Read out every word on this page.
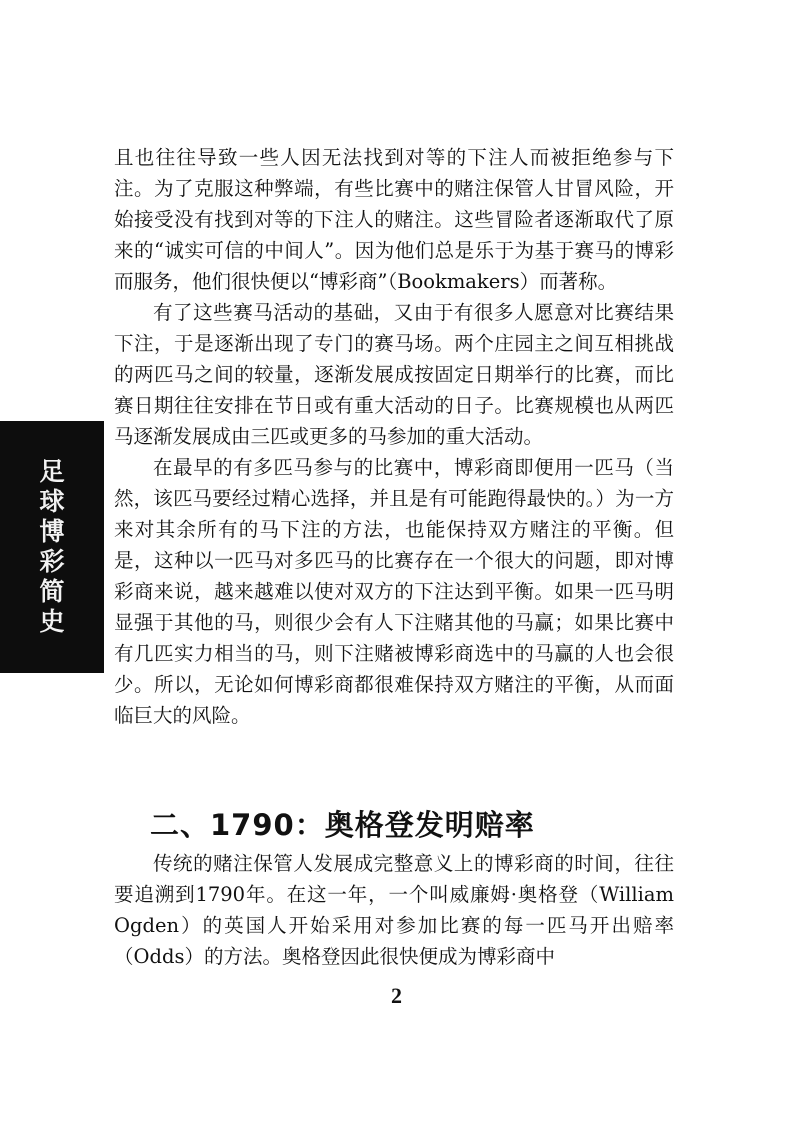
足
球
博
彩
简
史

且也往往导致一些人因无法找到对等的下注人而被拒绝参与下注。为了克服这种弊端，有些比赛中的赌注保管人甘冒风险，开始接受没有找到对等的下注人的赌注。这些冒险者逐渐取代了原来的“诚实可信的中间人”。因为他们总是乐于为基于赛马的博彩而服务，他们很快便以“博彩商”（Bookmakers）而著称。

有了这些赛马活动的基础，又由于有很多人愿意对比赛结果下注，于是逐渐出现了专门的赛马场。两个庄园主之间互相挑战的两匹马之间的较量，逐渐发展成按固定日期举行的比赛，而比赛日期往往安排在节日或有重大活动的日子。比赛规模也从两匹马逐渐发展成由三匹或更多的马参加的重大活动。

在最早的有多匹马参与的比赛中，博彩商即便用一匹马（当然，该匹马要经过精心选择，并且是有可能跑得最快的。）为一方来对其余所有的马下注的方法，也能保持双方赌注的平衡。但是，这种以一匹马对多匹马的比赛存在一个很大的问题，即对博彩商来说，越来越难以使对双方的下注达到平衡。如果一匹马明显强于其他的马，则很少会有人下注赌其他的马赢；如果比赛中有几匹实力相当的马，则下注赌被博彩商选中的马赢的人也会很少。所以，无论如何博彩商都很难保持双方赌注的平衡，从而面临巨大的风险。

二、1790：奥格登发明赔率

传统的赌注保管人发展成完整意义上的博彩商的时间，往往要追溯到1790年。在这一年，一个叫威廉姆·奥格登（William Ogden）的英国人开始采用对参加比赛的每一匹马开出赔率（Odds）的方法。奥格登因此很快便成为博彩商中

2
